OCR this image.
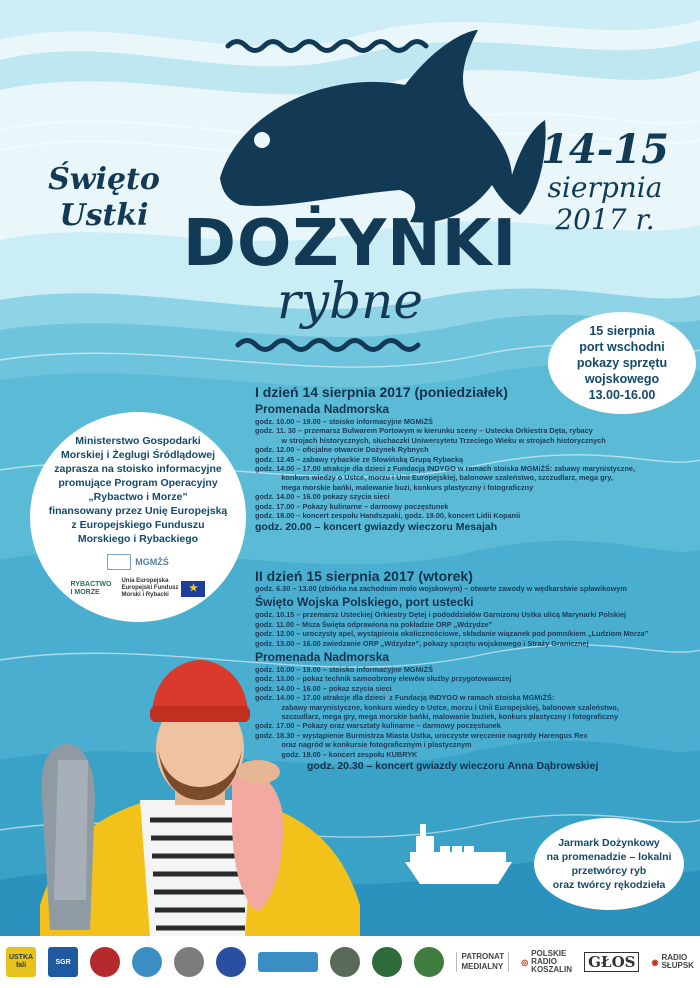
Święto
Ustki
14-15
sierpnia
2017 r.
DOŻYNKI
rybne
15 sierpnia
port wschodni
pokazy sprzętu
wojskowego
13.00-16.00
Ministerstwo Gospodarki
Morskiej i Żeglugi Śródlądowej
zaprasza na stoisko informacyjne
promujące Program Operacyjny
„Rybactwo i Morze”
finansowany przez Unię Europejską
z Europejskiego Funduszu
Morskiego i Rybackiego
MGMŻŚ
RYBACTWO
I MORZE
Unia Europejska
Europejski Fundusz
Morski i Rybacki
★
I dzień 14 sierpnia 2017 (poniedziałek)
Promenada Nadmorska
godz. 10.00 – 19.00 – stoisko informacyjne MGMiŻŚ
godz. 11. 30 – przemarsz Bulwarem Portowym w kierunku sceny – Ustecka Orkiestra Dęta, rybacy
w strojach historycznych, słuchaczki Uniwersytetu Trzeciego Wieku w strojach historycznych
godz. 12.00 – oficjalne otwarcie Dożynek Rybnych
godz. 12.45 – zabawy rybackie ze Słowińską Grupą Rybacką
godz. 14.00 – 17.00 atrakcje dla dzieci z Fundacją INDYGO w ramach stoiska MGMiŻŚ: zabawy marynistyczne,
konkurs wiedzy o Ustce, morzu i Unii Europejskiej, balonowe szaleństwo, szczudlarz, mega gry,
mega morskie bańki, malowanie buzi, konkurs plastyczny i fotograficzny
godz. 14.00 – 16.00 pokazy szycia sieci
godz. 17.00 – Pokazy kulinarne – darmowy poczęstunek
godz. 18.00 – koncert zespołu Handszpaki, godz. 19.00, koncert Lidii Kopanii
godz. 20.00 – koncert gwiazdy wieczoru Mesajah
II dzień 15 sierpnia 2017 (wtorek)
godz. 6.30 – 13.00 (zbiórka na zachodnim molo wojskowym) – otwarte zawody w wędkarstwie spławikowym
Święto Wojska Polskiego, port ustecki
godz. 10.15 – przemarsz Usteckiej Orkiestry Dętej i pododdziałów Garnizonu Ustka ulicą Marynarki Polskiej
godz. 11.00 – Msza Święta odprawiona na pokładzie ORP „Wdzydze”
godz. 12.00 – uroczysty apel, wystąpienia okolicznościowe, składanie wiązanek pod pomnikiem „Ludziom Morza”
godz. 13.00 – 16.00 zwiedzanie ORP „Wdzydze”, pokazy sprzętu wojskowego i Straży Granicznej
Promenada Nadmorska
godz. 10.00 – 19.00 – stoisko informacyjne MGMiŻŚ
godz. 13.00 – pokaz technik samoobrony elewów służby przygotowawczej
godz. 14.00 – 16.00 – pokaz szycia sieci
godz. 14.00 – 17.00 atrakcje dla dzieci  z Fundacją INDYGO w ramach stoiska MGMiŻŚ:
zabawy marynistyczne, konkurs wiedzy o Ustce, morzu i Unii Europejskiej, balonowe szaleństwo,
szczudlarz, mega gry, mega morskie bańki, malowanie buziek, konkurs plastyczny i fotograficzny
godz. 17.00 – Pokazy oraz warsztaty kulinarne – darmowy poczęstunek
godz. 18.30 – wystąpienie Burmistrza Miasta Ustka, uroczyste wręczenie nagrody Harengus Rex
oraz nagród w konkursie fotograficznym i plastycznym
godz. 19.00 – koncert zespołu KUBRYK
godz. 20.30 – koncert gwiazdy wieczoru Anna Dąbrowskiej
Jarmark Dożynkowy
na promenadzie – lokalni
przetwórcy ryb
oraz twórcy rękodzieła
USTKA
fali	SGR
PATRONAT
MEDIALNY ◎
POLSKIE
RADIO
KOSZALIN GŁOS	◉ RADIO
SŁUPSK
